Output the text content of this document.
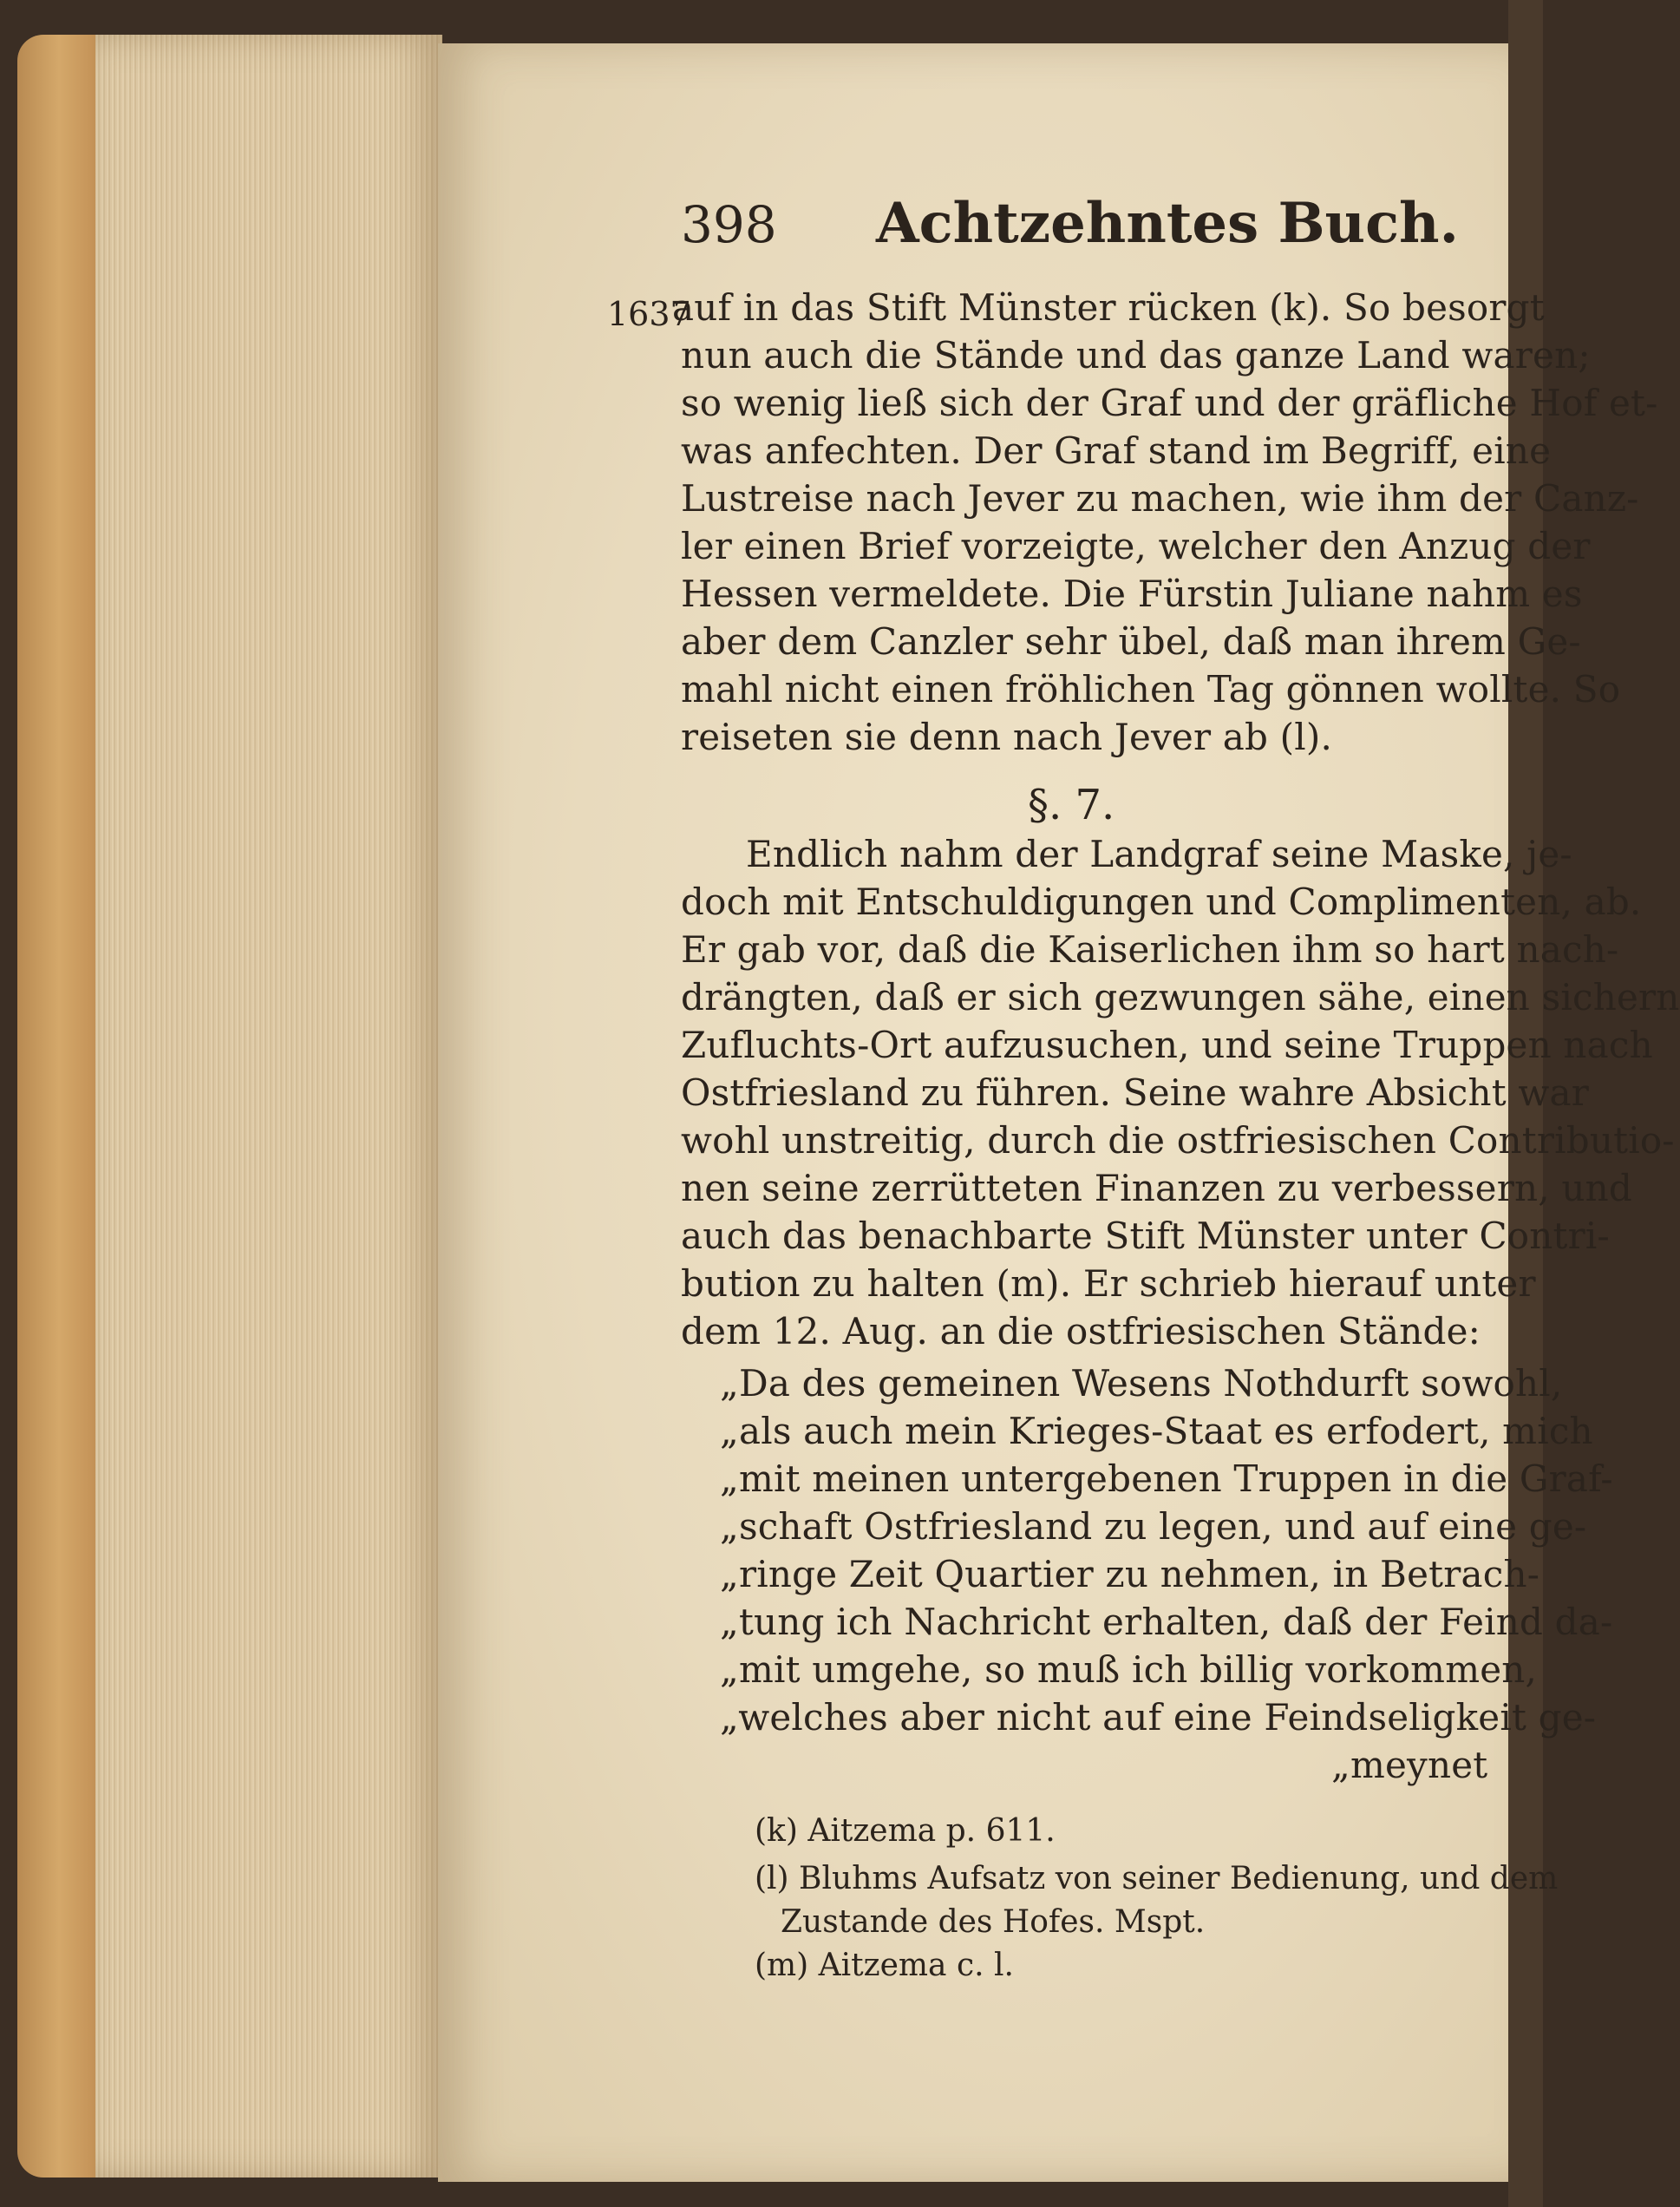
398 Achtzehntes Buch.
1637
auf in das Stift Münster rücken (k). So besorgt
nun auch die Stände und das ganze Land waren;
so wenig ließ sich der Graf und der gräfliche Hof et-
was anfechten. Der Graf stand im Begriff, eine
Lustreise nach Jever zu machen, wie ihm der Canz-
ler einen Brief vorzeigte, welcher den Anzug der
Hessen vermeldete. Die Fürstin Juliane nahm es
aber dem Canzler sehr übel, daß man ihrem Ge-
mahl nicht einen fröhlichen Tag gönnen wollte. So
reiseten sie denn nach Jever ab (l).
§. 7.
Endlich nahm der Landgraf seine Maske, je-
doch mit Entschuldigungen und Complimenten, ab.
Er gab vor, daß die Kaiserlichen ihm so hart nach-
drängten, daß er sich gezwungen sähe, einen sichern
Zufluchts-Ort aufzusuchen, und seine Truppen nach
Ostfriesland zu führen. Seine wahre Absicht war
wohl unstreitig, durch die ostfriesischen Contributio-
nen seine zerrütteten Finanzen zu verbessern, und
auch das benachbarte Stift Münster unter Contri-
bution zu halten (m). Er schrieb hierauf unter
dem 12. Aug. an die ostfriesischen Stände:
„Da des gemeinen Wesens Nothdurft sowohl,
„als auch mein Krieges-Staat es erfodert, mich
„mit meinen untergebenen Truppen in die Graf-
„schaft Ostfriesland zu legen, und auf eine ge-
„ringe Zeit Quartier zu nehmen, in Betrach-
„tung ich Nachricht erhalten, daß der Feind da-
„mit umgehe, so muß ich billig vorkommen,
„welches aber nicht auf eine Feindseligkeit ge-
„meynet
(k) Aitzema p. 611.
(l) Bluhms Aufsatz von seiner Bedienung, und dem
Zustande des Hofes. Mspt.
(m) Aitzema c. l.
